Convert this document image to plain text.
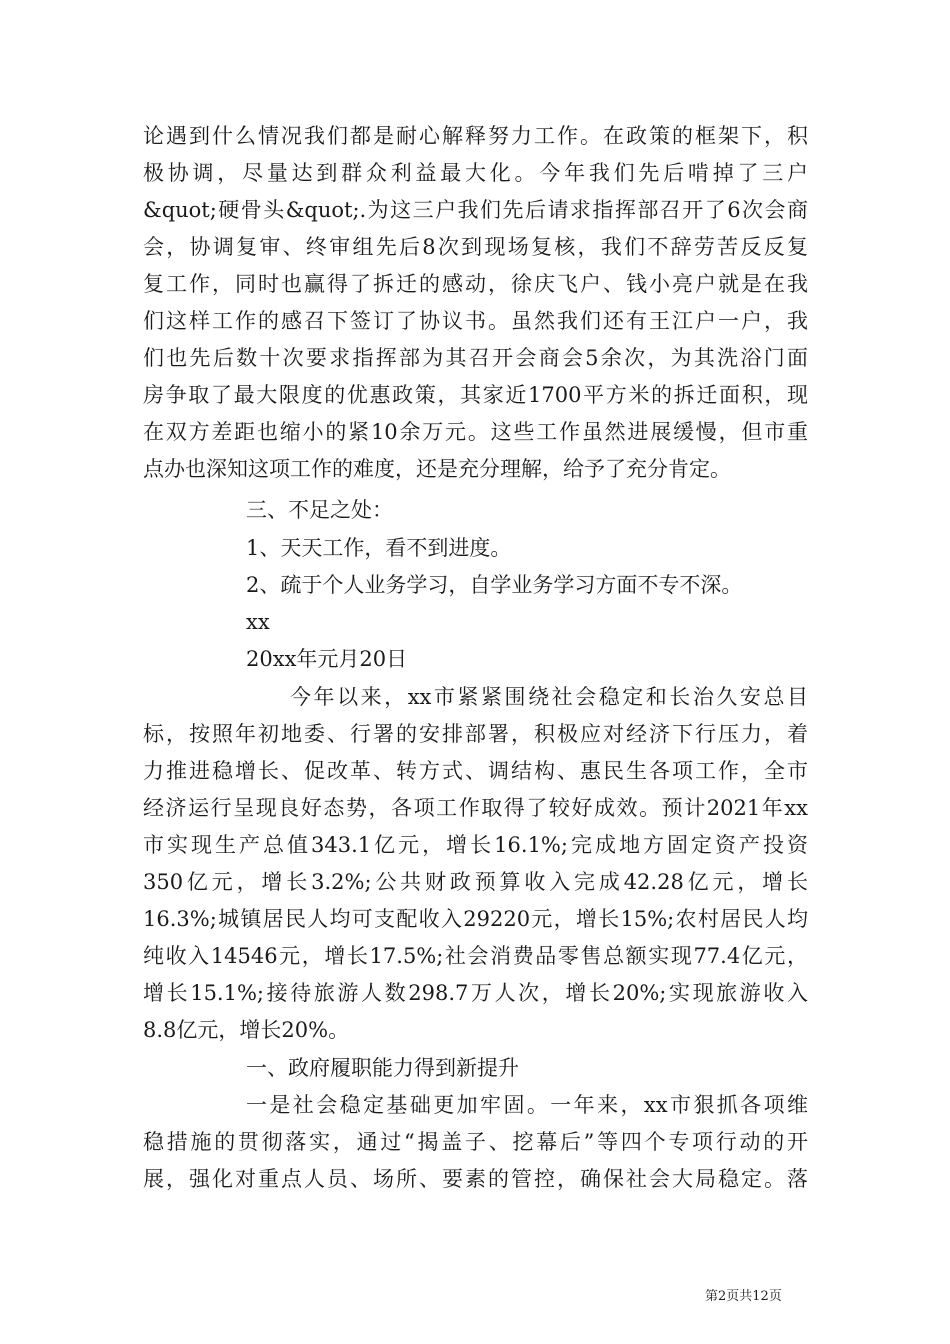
论遇到什么情况我们都是耐心解释努力工作。在政策的框架下，积
极协调，尽量达到群众利益最大化。今年我们先后啃掉了三户
&quot;硬骨头&quot;.为这三户我们先后请求指挥部召开了6次会商
会，协调复审、终审组先后8次到现场复核，我们不辞劳苦反反复
复工作，同时也赢得了拆迁的感动，徐庆飞户、钱小亮户就是在我
们这样工作的感召下签订了协议书。虽然我们还有王江户一户，我
们也先后数十次要求指挥部为其召开会商会5余次，为其洗浴门面
房争取了最大限度的优惠政策，其家近1700平方米的拆迁面积，现
在双方差距也缩小的紧10余万元。这些工作虽然进展缓慢，但市重
点办也深知这项工作的难度，还是充分理解，给予了充分肯定。
三、不足之处：
1、天天工作，看不到进度。
2、疏于个人业务学习，自学业务学习方面不专不深。
xx
20xx年元月20日
今年以来，xx市紧紧围绕社会稳定和长治久安总目
标，按照年初地委、行署的安排部署，积极应对经济下行压力，着
力推进稳增长、促改革、转方式、调结构、惠民生各项工作，全市
经济运行呈现良好态势，各项工作取得了较好成效。预计2021年xx
市实现生产总值343.1亿元，增长16.1%;完成地方固定资产投资
350亿元，增长3.2%;公共财政预算收入完成42.28亿元，增长
16.3%;城镇居民人均可支配收入29220元，增长15%;农村居民人均
纯收入14546元，增长17.5%;社会消费品零售总额实现77.4亿元，
增长15.1%;接待旅游人数298.7万人次，增长20%;实现旅游收入
8.8亿元，增长20%。
一、政府履职能力得到新提升
一是社会稳定基础更加牢固。一年来，xx市狠抓各项维
稳措施的贯彻落实，通过“揭盖子、挖幕后”等四个专项行动的开
展，强化对重点人员、场所、要素的管控，确保社会大局稳定。落
第2页共12页
